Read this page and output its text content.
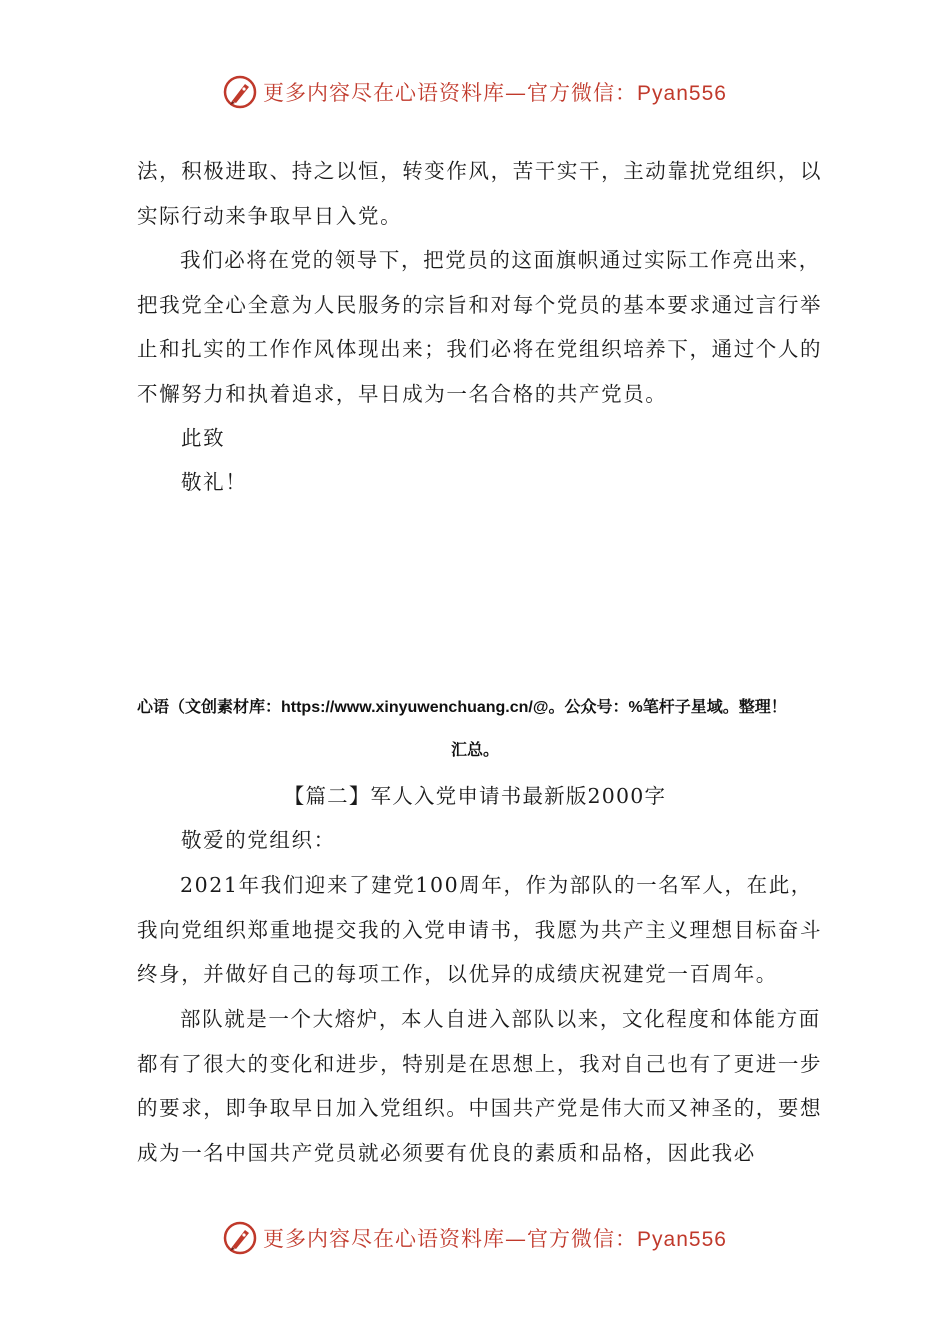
更多内容尽在心语资料库—官方微信：Pyan556

法，积极进取、持之以恒，转变作风，苦干实干，主动靠扰党组织，以实际行动来争取早日入党。

我们必将在党的领导下，把党员的这面旗帜通过实际工作亮出来，把我党全心全意为人民服务的宗旨和对每个党员的基本要求通过言行举止和扎实的工作作风体现出来；我们必将在党组织培养下，通过个人的不懈努力和执着追求，早日成为一名合格的共产党员。

此致

敬礼！

心语（文创素材库：https://www.xinyuwenchuang.cn/@。公众号：%笔杆子星域。整理！

汇总。

【篇二】军人入党申请书最新版2000字

敬爱的党组织：

2021年我们迎来了建党100周年，作为部队的一名军人，在此，我向党组织郑重地提交我的入党申请书，我愿为共产主义理想目标奋斗终身，并做好自己的每项工作，以优异的成绩庆祝建党一百周年。

部队就是一个大熔炉，本人自进入部队以来，文化程度和体能方面都有了很大的变化和进步，特别是在思想上，我对自己也有了更进一步的要求，即争取早日加入党组织。中国共产党是伟大而又神圣的，要想成为一名中国共产党员就必须要有优良的素质和品格，因此我必

更多内容尽在心语资料库—官方微信：Pyan556
